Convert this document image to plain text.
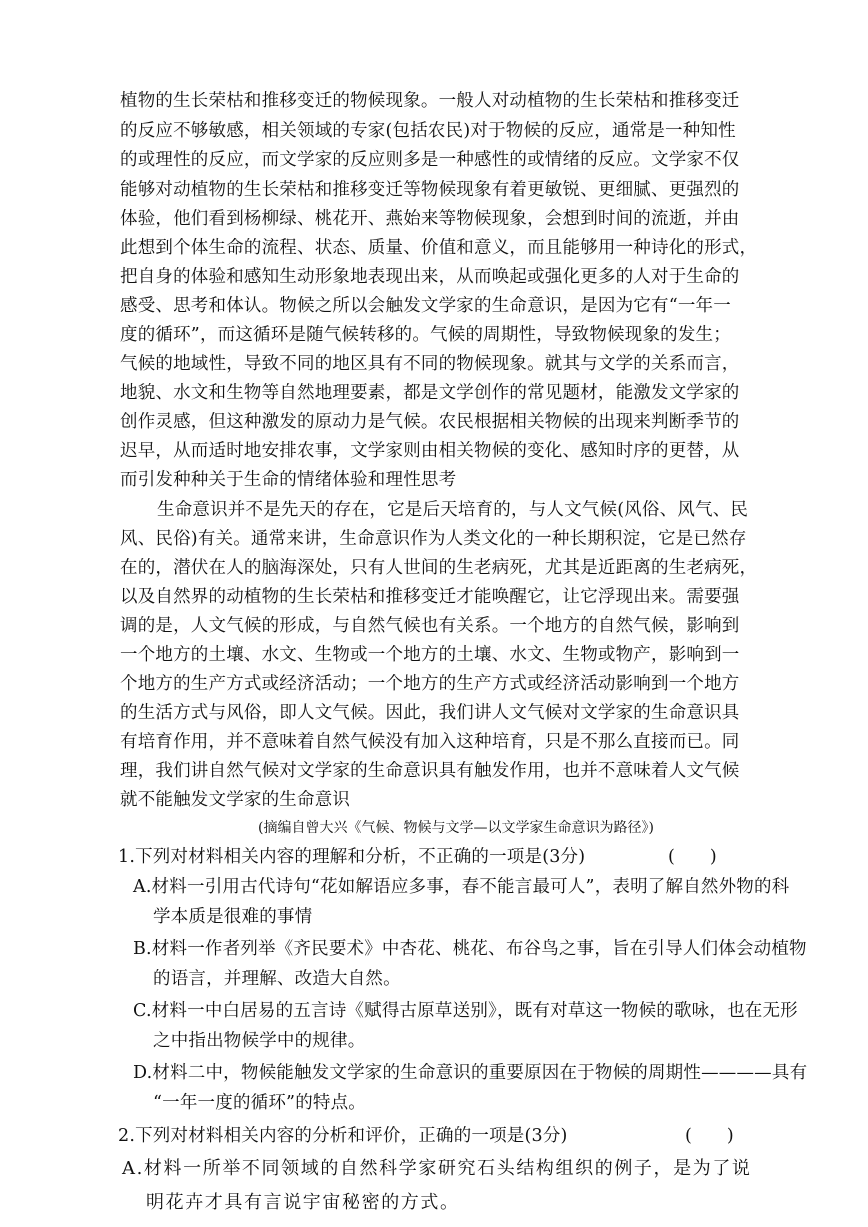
植物的生长荣枯和推移变迁的物候现象。一般人对动植物的生长荣枯和推移变迁
的反应不够敏感，相关领域的专家(包括农民)对于物候的反应，通常是一种知性
的或理性的反应，而文学家的反应则多是一种感性的或情绪的反应。文学家不仅
能够对动植物的生长荣枯和推移变迁等物候现象有着更敏锐、更细腻、更强烈的
体验，他们看到杨柳绿、桃花开、燕始来等物候现象，会想到时间的流逝，并由
此想到个体生命的流程、状态、质量、价值和意义，而且能够用一种诗化的形式，
把自身的体验和感知生动形象地表现出来，从而唤起或强化更多的人对于生命的
感受、思考和体认。物候之所以会触发文学家的生命意识，是因为它有“一年一
度的循环”，而这循环是随气候转移的。气候的周期性，导致物候现象的发生；
气候的地域性，导致不同的地区具有不同的物候现象。就其与文学的关系而言，
地貌、水文和生物等自然地理要素，都是文学创作的常见题材，能激发文学家的
创作灵感，但这种激发的原动力是气候。农民根据相关物候的出现来判断季节的
迟早，从而适时地安排农事，文学家则由相关物候的变化、感知时序的更替，从
而引发种种关于生命的情绪体验和理性思考
生命意识并不是先天的存在，它是后天培育的，与人文气候(风俗、风气、民
风、民俗)有关。通常来讲，生命意识作为人类文化的一种长期积淀，它是已然存
在的，潜伏在人的脑海深处，只有人世间的生老病死，尤其是近距离的生老病死，
以及自然界的动植物的生长荣枯和推移变迁才能唤醒它，让它浮现出来。需要强
调的是，人文气候的形成，与自然气候也有关系。一个地方的自然气候，影响到
一个地方的土壤、水文、生物或一个地方的土壤、水文、生物或物产，影响到一
个地方的生产方式或经济活动；一个地方的生产方式或经济活动影响到一个地方
的生活方式与风俗，即人文气候。因此，我们讲人文气候对文学家的生命意识具
有培育作用，并不意味着自然气候没有加入这种培育，只是不那么直接而已。同
理，我们讲自然气候对文学家的生命意识具有触发作用，也并不意味着人文气候
就不能触发文学家的生命意识
(摘编自曾大兴《气候、物候与文学—以文学家生命意识为路径》)
1.下列对材料相关内容的理解和分析，不正确的一项是(3分)	(　　)
A.材料一引用古代诗句“花如解语应多事，春不能言最可人”，表明了解自然外物的科
学本质是很难的事情
B.材料一作者列举《齐民要术》中杏花、桃花、布谷鸟之事，旨在引导人们体会动植物
的语言，并理解、改造大自然。
C.材料一中白居易的五言诗《赋得古原草送别》，既有对草这一物候的歌咏，也在无形
之中指出物候学中的规律。
D.材料二中，物候能触发文学家的生命意识的重要原因在于物候的周期性————具有
“一年一度的循环”的特点。
2.下列对材料相关内容的分析和评价，正确的一项是(3分)	(　　)
A.材料一所举不同领域的自然科学家研究石头结构组织的例子，是为了说
明花卉才具有言说宇宙秘密的方式。
